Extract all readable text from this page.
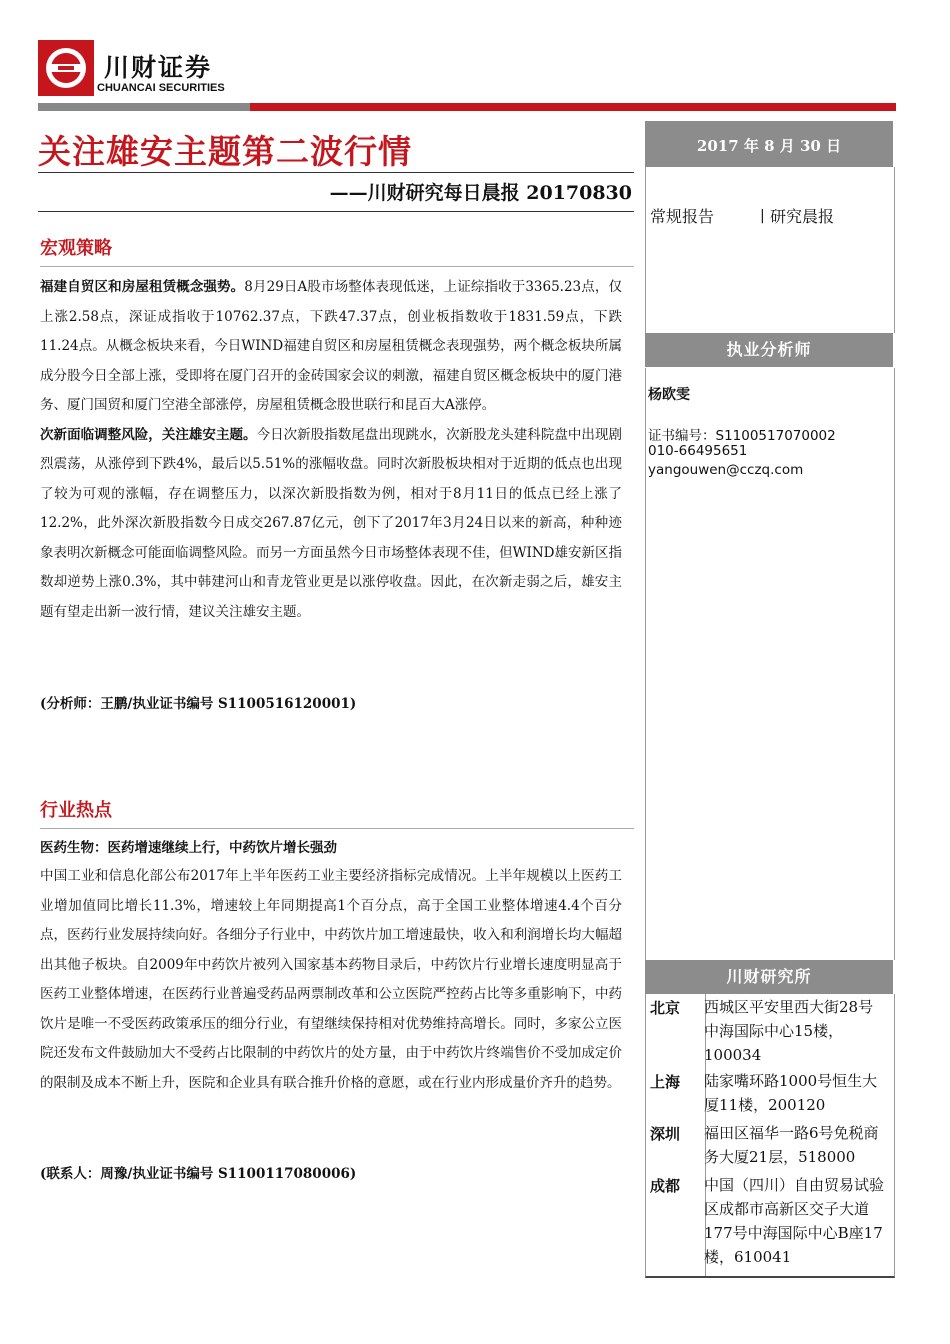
川财证券
CHUANCAI SECURITIES
关注雄安主题第二波行情
——川财研究每日晨报 20170830
宏观策略

福建自贸区和房屋租赁概念强势。8月29日A股市场整体表现低迷，上证综指收于3365.23点，仅上涨2.58点，深证成指收于10762.37点，下跌47.37点，创业板指数收于1831.59点，下跌11.24点。从概念板块来看，今日WIND福建自贸区和房屋租赁概念表现强势，两个概念板块所属成分股今日全部上涨，受即将在厦门召开的金砖国家会议的刺激，福建自贸区概念板块中的厦门港务、厦门国贸和厦门空港全部涨停，房屋租赁概念股世联行和昆百大A涨停。

次新面临调整风险，关注雄安主题。今日次新股指数尾盘出现跳水，次新股龙头建科院盘中出现剧烈震荡，从涨停到下跌4%，最后以5.51%的涨幅收盘。同时次新股板块相对于近期的低点也出现了较为可观的涨幅，存在调整压力，以深次新股指数为例，相对于8月11日的低点已经上涨了12.2%，此外深次新股指数今日成交267.87亿元，创下了2017年3月24日以来的新高，种种迹象表明次新概念可能面临调整风险。而另一方面虽然今日市场整体表现不佳，但WIND雄安新区指数却逆势上涨0.3%，其中韩建河山和青龙管业更是以涨停收盘。因此，在次新走弱之后，雄安主题有望走出新一波行情，建议关注雄安主题。

(分析师：王鹏/执业证书编号 S1100516120001)
行业热点
医药生物：医药增速继续上行，中药饮片增长强劲
中国工业和信息化部公布2017年上半年医药工业主要经济指标完成情况。上半年规模以上医药工业增加值同比增长11.3%，增速较上年同期提高1个百分点，高于全国工业整体增速4.4个百分点，医药行业发展持续向好。各细分子行业中，中药饮片加工增速最快，收入和利润增长均大幅超出其他子板块。自2009年中药饮片被列入国家基本药物目录后，中药饮片行业增长速度明显高于医药工业整体增速，在医药行业普遍受药品两票制改革和公立医院严控药占比等多重影响下，中药饮片是唯一不受医药政策承压的细分行业，有望继续保持相对优势维持高增长。同时，多家公立医院还发布文件鼓励加大不受药占比限制的中药饮片的处方量，由于中药饮片终端售价不受加成定价的限制及成本不断上升，医院和企业具有联合推升价格的意愿，或在行业内形成量价齐升的趋势。
(联系人：周豫/执业证书编号 S1100117080006)
2017 年 8 月 30 日
常规报告	| 研究晨报
执业分析师
杨欧雯
证书编号：S1100517070002
010-66495651
yangouwen@cczq.com
川财研究所
北京 西城区平安里西大街28号中海国际中心15楼，100034
上海 陆家嘴环路1000号恒生大厦11楼，200120
深圳 福田区福华一路6号免税商务大厦21层，518000
成都 中国（四川）自由贸易试验区成都市高新区交子大道177号中海国际中心B座17楼，610041
